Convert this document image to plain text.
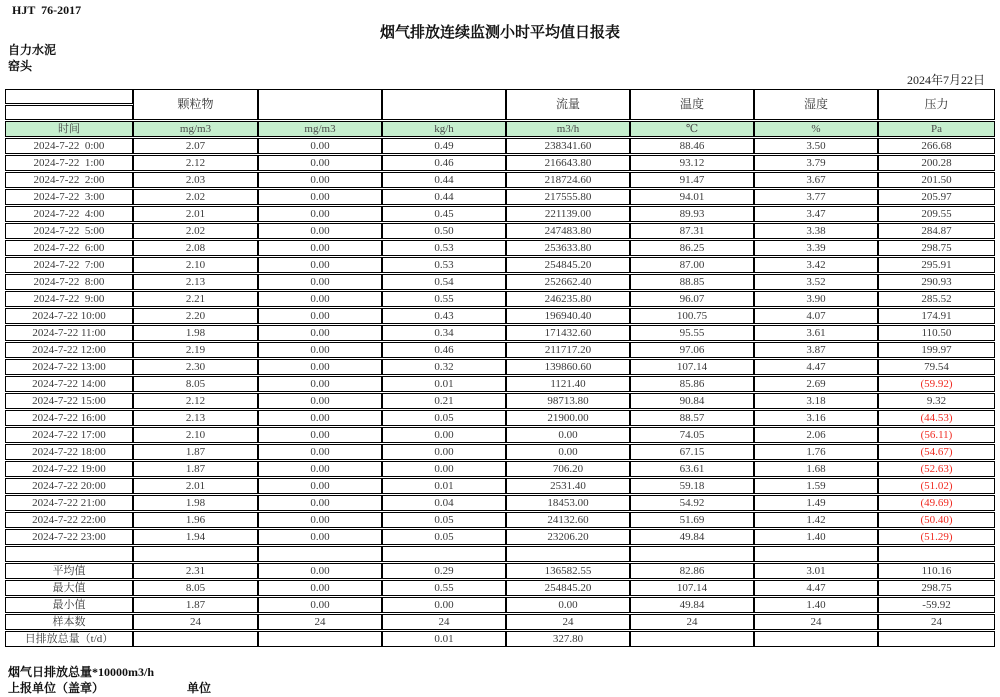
HJT  76-2017
烟气排放连续监测小时平均值日报表
自力水泥
窑头
2024年7月22日
	颗粒物			流量	温度	湿度	压力

时间	mg/m3	mg/m3	kg/h	m3/h	℃	%	Pa
2024-7-22  0:00	2.07	0.00	0.49	238341.60	88.46	3.50	266.68
2024-7-22  1:00	2.12	0.00	0.46	216643.80	93.12	3.79	200.28
2024-7-22  2:00	2.03	0.00	0.44	218724.60	91.47	3.67	201.50
2024-7-22  3:00	2.02	0.00	0.44	217555.80	94.01	3.77	205.97
2024-7-22  4:00	2.01	0.00	0.45	221139.00	89.93	3.47	209.55
2024-7-22  5:00	2.02	0.00	0.50	247483.80	87.31	3.38	284.87
2024-7-22  6:00	2.08	0.00	0.53	253633.80	86.25	3.39	298.75
2024-7-22  7:00	2.10	0.00	0.53	254845.20	87.00	3.42	295.91
2024-7-22  8:00	2.13	0.00	0.54	252662.40	88.85	3.52	290.93
2024-7-22  9:00	2.21	0.00	0.55	246235.80	96.07	3.90	285.52
2024-7-22 10:00	2.20	0.00	0.43	196940.40	100.75	4.07	174.91
2024-7-22 11:00	1.98	0.00	0.34	171432.60	95.55	3.61	110.50
2024-7-22 12:00	2.19	0.00	0.46	211717.20	97.06	3.87	199.97
2024-7-22 13:00	2.30	0.00	0.32	139860.60	107.14	4.47	79.54
2024-7-22 14:00	8.05	0.00	0.01	1121.40	85.86	2.69	(59.92)
2024-7-22 15:00	2.12	0.00	0.21	98713.80	90.84	3.18	9.32
2024-7-22 16:00	2.13	0.00	0.05	21900.00	88.57	3.16	(44.53)
2024-7-22 17:00	2.10	0.00	0.00	0.00	74.05	2.06	(56.11)
2024-7-22 18:00	1.87	0.00	0.00	0.00	67.15	1.76	(54.67)
2024-7-22 19:00	1.87	0.00	0.00	706.20	63.61	1.68	(52.63)
2024-7-22 20:00	2.01	0.00	0.01	2531.40	59.18	1.59	(51.02)
2024-7-22 21:00	1.98	0.00	0.04	18453.00	54.92	1.49	(49.69)
2024-7-22 22:00	1.96	0.00	0.05	24132.60	51.69	1.42	(50.40)
2024-7-22 23:00	1.94	0.00	0.05	23206.20	49.84	1.40	(51.29)

平均值	2.31	0.00	0.29	136582.55	82.86	3.01	110.16
最大值	8.05	0.00	0.55	254845.20	107.14	4.47	298.75
最小值	1.87	0.00	0.00	0.00	49.84	1.40	-59.92
样本数	24	24	24	24	24	24	24
日排放总量（t/d）			0.01	327.80			
烟气日排放总量*10000m3/h
上报单位（盖章）	单位
